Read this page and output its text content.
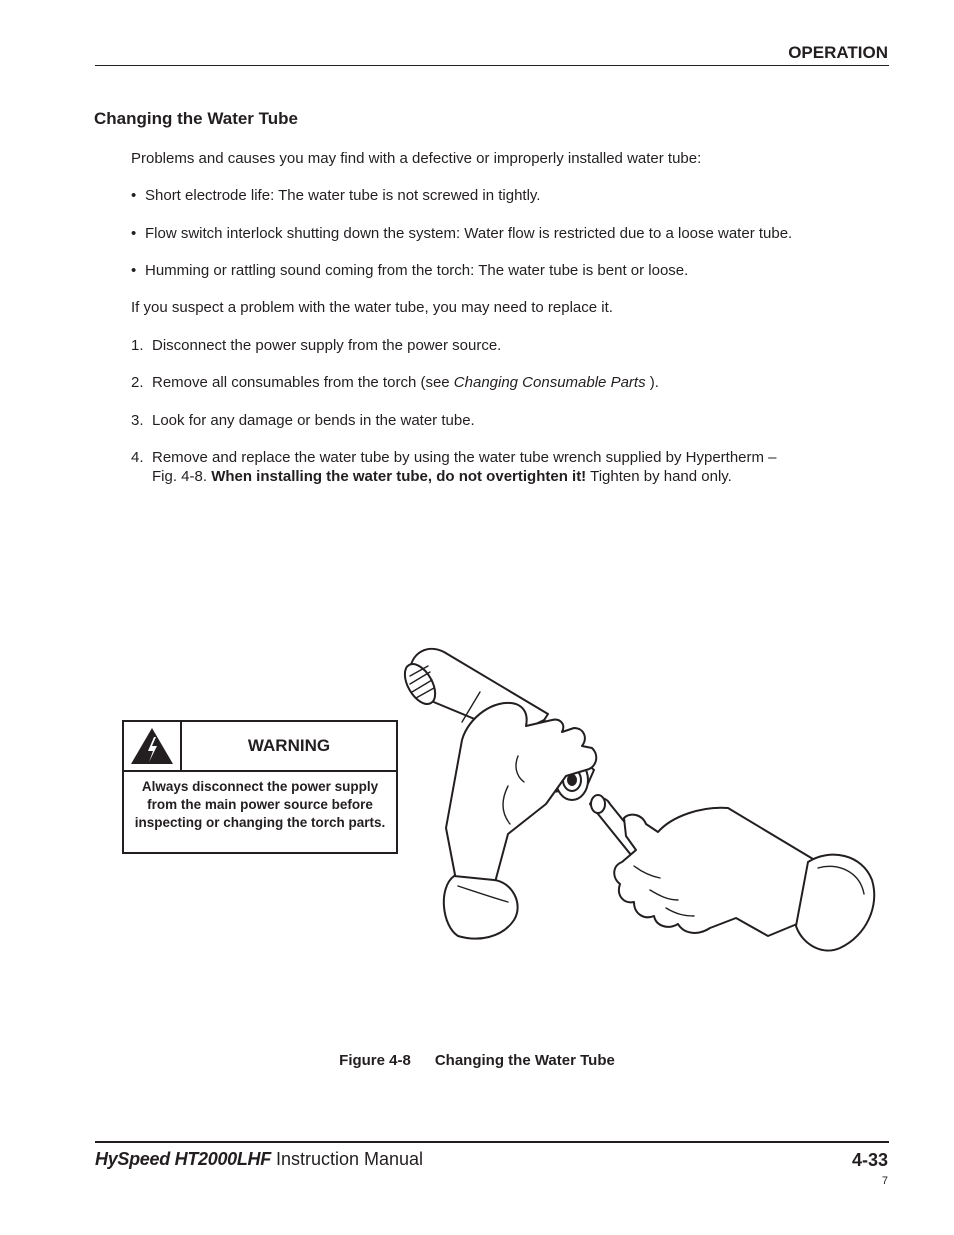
OPERATION
Changing the Water Tube
Problems and causes you may find with a defective or improperly installed water tube:
• Short electrode life: The water tube is not screwed in tightly.
• Flow switch interlock shutting down the system: Water flow is restricted due to a loose water tube.
• Humming or rattling sound coming from the torch: The water tube is bent or loose.
If you suspect a problem with the water tube, you may need to replace it.
1. Disconnect the power supply from the power source.
2. Remove all consumables from the torch (see Changing Consumable Parts ).
3. Look for any damage or bends in the water tube.
4. Remove and replace the water tube by using the water tube wrench supplied by Hypertherm –
Fig. 4-8. When installing the water tube, do not overtighten it! Tighten by hand only.
WARNING
Always disconnect the power supply
from the main power source before
inspecting or changing the torch parts.
Figure 4-8 Changing the Water Tube
HySpeed HT2000LHF Instruction Manual	4-33
7
